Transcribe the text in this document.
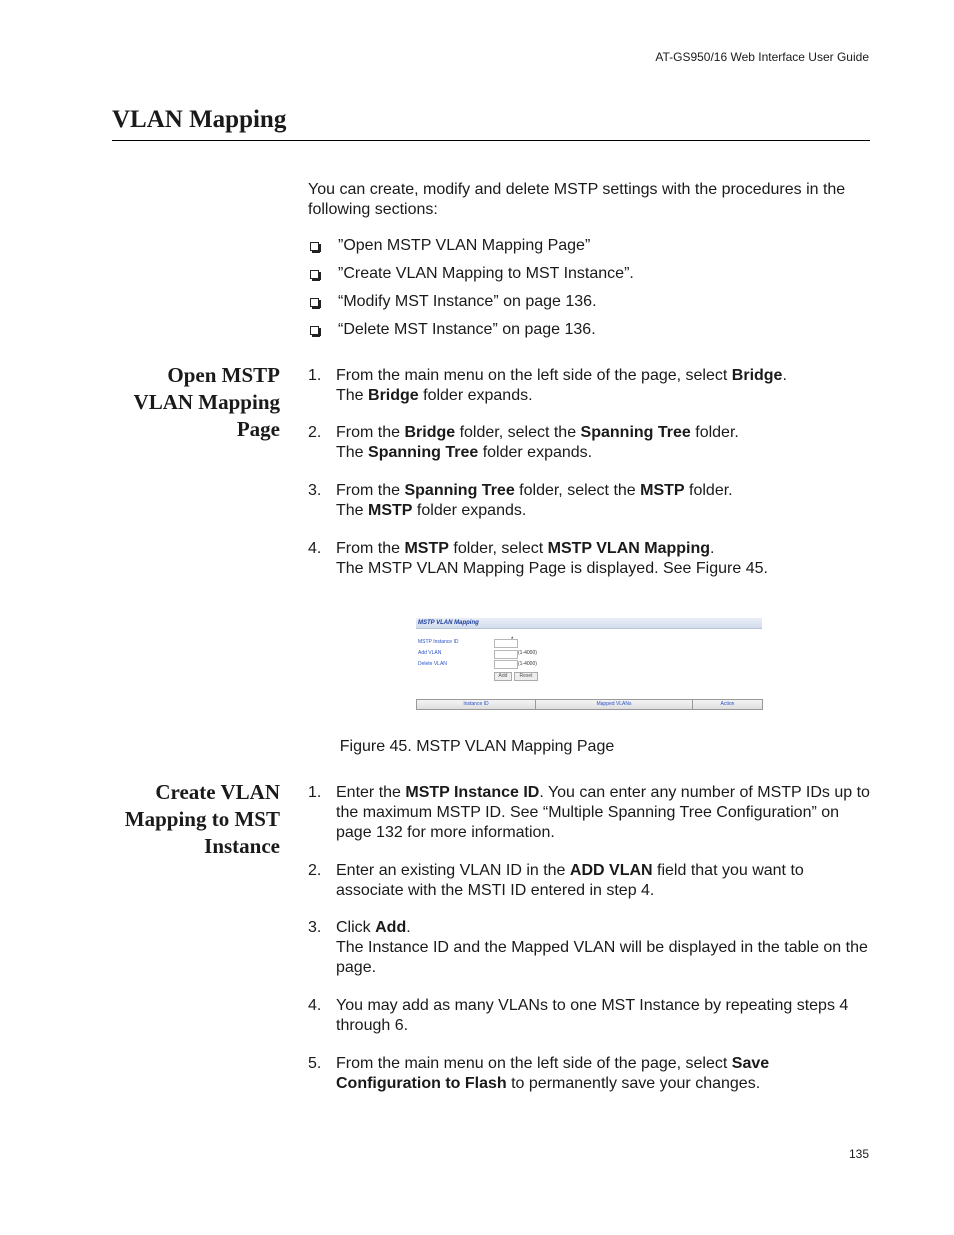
AT-GS950/16 Web Interface User Guide
VLAN Mapping

You can create, modify and delete MSTP settings with the procedures in the following sections:

”Open MSTP VLAN Mapping Page”
”Create VLAN Mapping to MST Instance”.
“Modify MST Instance” on page 136.
“Delete MST Instance” on page 136.
Open MSTP
VLAN Mapping
Page
1. From the main menu on the left side of the page, select Bridge.
The Bridge folder expands.
2. From the Bridge folder, select the Spanning Tree folder.
The Spanning Tree folder expands.
3. From the Spanning Tree folder, select the MSTP folder.
The MSTP folder expands.
4. From the MSTP folder, select MSTP VLAN Mapping.
The MSTP VLAN Mapping Page is displayed. See Figure 45.
MSTP VLAN Mapping
MSTP Instance ID	*
Add VLAN	(1-4000)
Delete VLAN	(1-4000)
Add	Reset
Instance ID	Mapped VLANs	Action
Figure 45. MSTP VLAN Mapping Page
Create VLAN
Mapping to MST
Instance
1. Enter the MSTP Instance ID. You can enter any number of MSTP IDs up to the maximum MSTP ID. See “Multiple Spanning Tree Configuration” on page 132 for more information.
2. Enter an existing VLAN ID in the ADD VLAN field that you want to associate with the MSTI ID entered in step 4.
3. Click Add.
The Instance ID and the Mapped VLAN will be displayed in the table on the page.
4. You may add as many VLANs to one MST Instance by repeating steps 4 through 6.
5. From the main menu on the left side of the page, select Save Configuration to Flash to permanently save your changes.
135
